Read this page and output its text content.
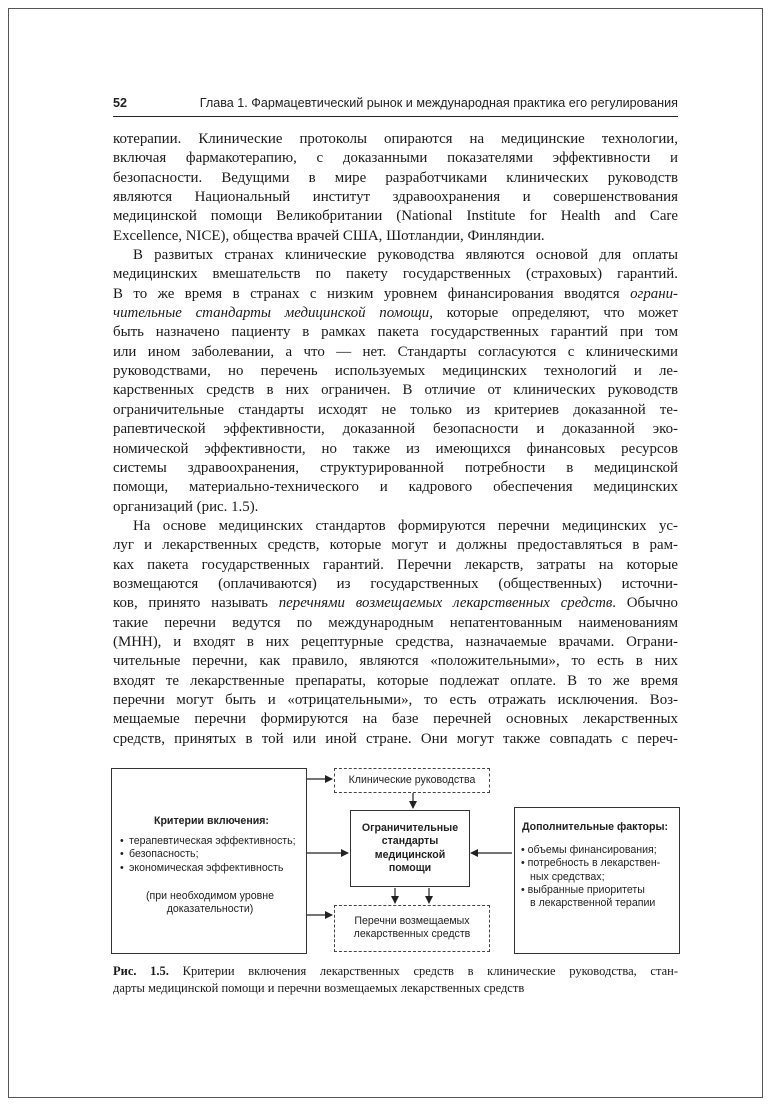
52	Глава 1. Фармацевтический рынок и международная практика его регулирования
котерапии. Клинические протоколы опираются на медицинские технологии,
включая фармакотерапию, с доказанными показателями эффективности и
безопасности. Ведущими в мире разработчиками клинических руководств
являются Национальный институт здравоохранения и совершенствования
медицинской помощи Великобритании (National Institute for Health and Care
Excellence, NICE), общества врачей США, Шотландии, Финляндии.
В развитых странах клинические руководства являются основой для оплаты
медицинских вмешательств по пакету государственных (страховых) гарантий.
В то же время в странах с низким уровнем финансирования вводятся ограни-
чительные стандарты медицинской помощи, которые определяют, что может
быть назначено пациенту в рамках пакета государственных гарантий при том
или ином заболевании, а что — нет. Стандарты согласуются с клиническими
руководствами, но перечень используемых медицинских технологий и ле-
карственных средств в них ограничен. В отличие от клинических руководств
ограничительные стандарты исходят не только из критериев доказанной те-
рапевтической эффективности, доказанной безопасности и доказанной эко-
номической эффективности, но также из имеющихся финансовых ресурсов
системы здравоохранения, структурированной потребности в медицинской
помощи, материально-технического и кадрового обеспечения медицинских
организаций (рис. 1.5).
На основе медицинских стандартов формируются перечни медицинских ус-
луг и лекарственных средств, которые могут и должны предоставляться в рам-
ках пакета государственных гарантий. Перечни лекарств, затраты на которые
возмещаются (оплачиваются) из государственных (общественных) источни-
ков, принято называть перечнями возмещаемых лекарственных средств. Обычно
такие перечни ведутся по международным непатентованным наименованиям
(МНН), и входят в них рецептурные средства, назначаемые врачами. Ограни-
чительные перечни, как правило, являются «положительными», то есть в них
входят те лекарственные препараты, которые подлежат оплате. В то же время
перечни могут быть и «отрицательными», то есть отражать исключения. Воз-
мещаемые перечни формируются на базе перечней основных лекарственных
средств, принятых в той или иной стране. Они могут также совпадать с переч-
Критерии включения:
• терапевтическая эффективность;
• безопасность;
• экономическая эффективность
(при необходимом уровне
доказательности)
Клинические руководства
Ограничительные
стандарты
медицинской
помощи
Перечни возмещаемых
лекарственных средств
Дополнительные факторы:
• объемы финансирования;
• потребность в лекарствен-
ных средствах;
• выбранные приоритеты
в лекарственной терапии
Рис. 1.5. Критерии включения лекарственных средств в клинические руководства, стан-
дарты медицинской помощи и перечни возмещаемых лекарственных средств
